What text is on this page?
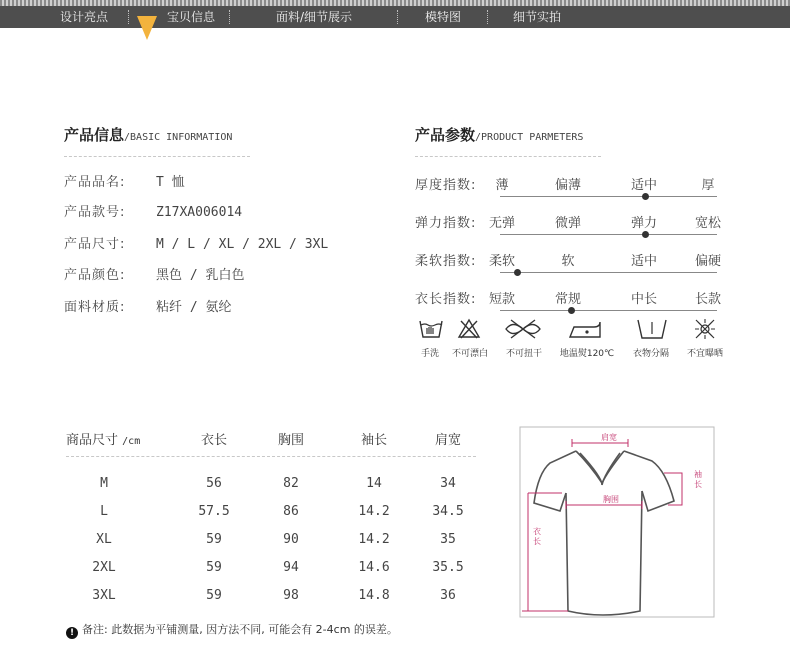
设计亮点	宝贝信息	面料/细节展示	模特图	细节实拍
产品信息/BASIC INFORMATION
产品品名: T 恤
产品款号: Z17XA006014
产品尺寸: M / L / XL / 2XL / 3XL
产品颜色: 黑色 / 乳白色
面料材质: 粘纤 / 氨纶
产品参数/PRODUCT PARMETERS
厚度指数:	薄	偏薄	适中	厚
弹力指数: 无弹	微弹	弹力	宽松
柔软指数: 柔软	软	适中	偏硬
衣长指数: 短款	常规	中长	长款
手洗	不可漂白	不可扭干	地温熨120℃	衣物分隔	不宜曝晒
商品尺寸 /cm	衣长	胸围	袖长	肩宽
M	56	82	14	34
L	57.5	86	14.2	34.5
XL	59	90	14.2	35
2XL	59	94	14.6	35.5
3XL	59	98	14.8	36
肩宽
袖长
胸围
衣长
! 备注: 此数据为平铺测量, 因方法不同, 可能会有 2-4cm 的误差。
